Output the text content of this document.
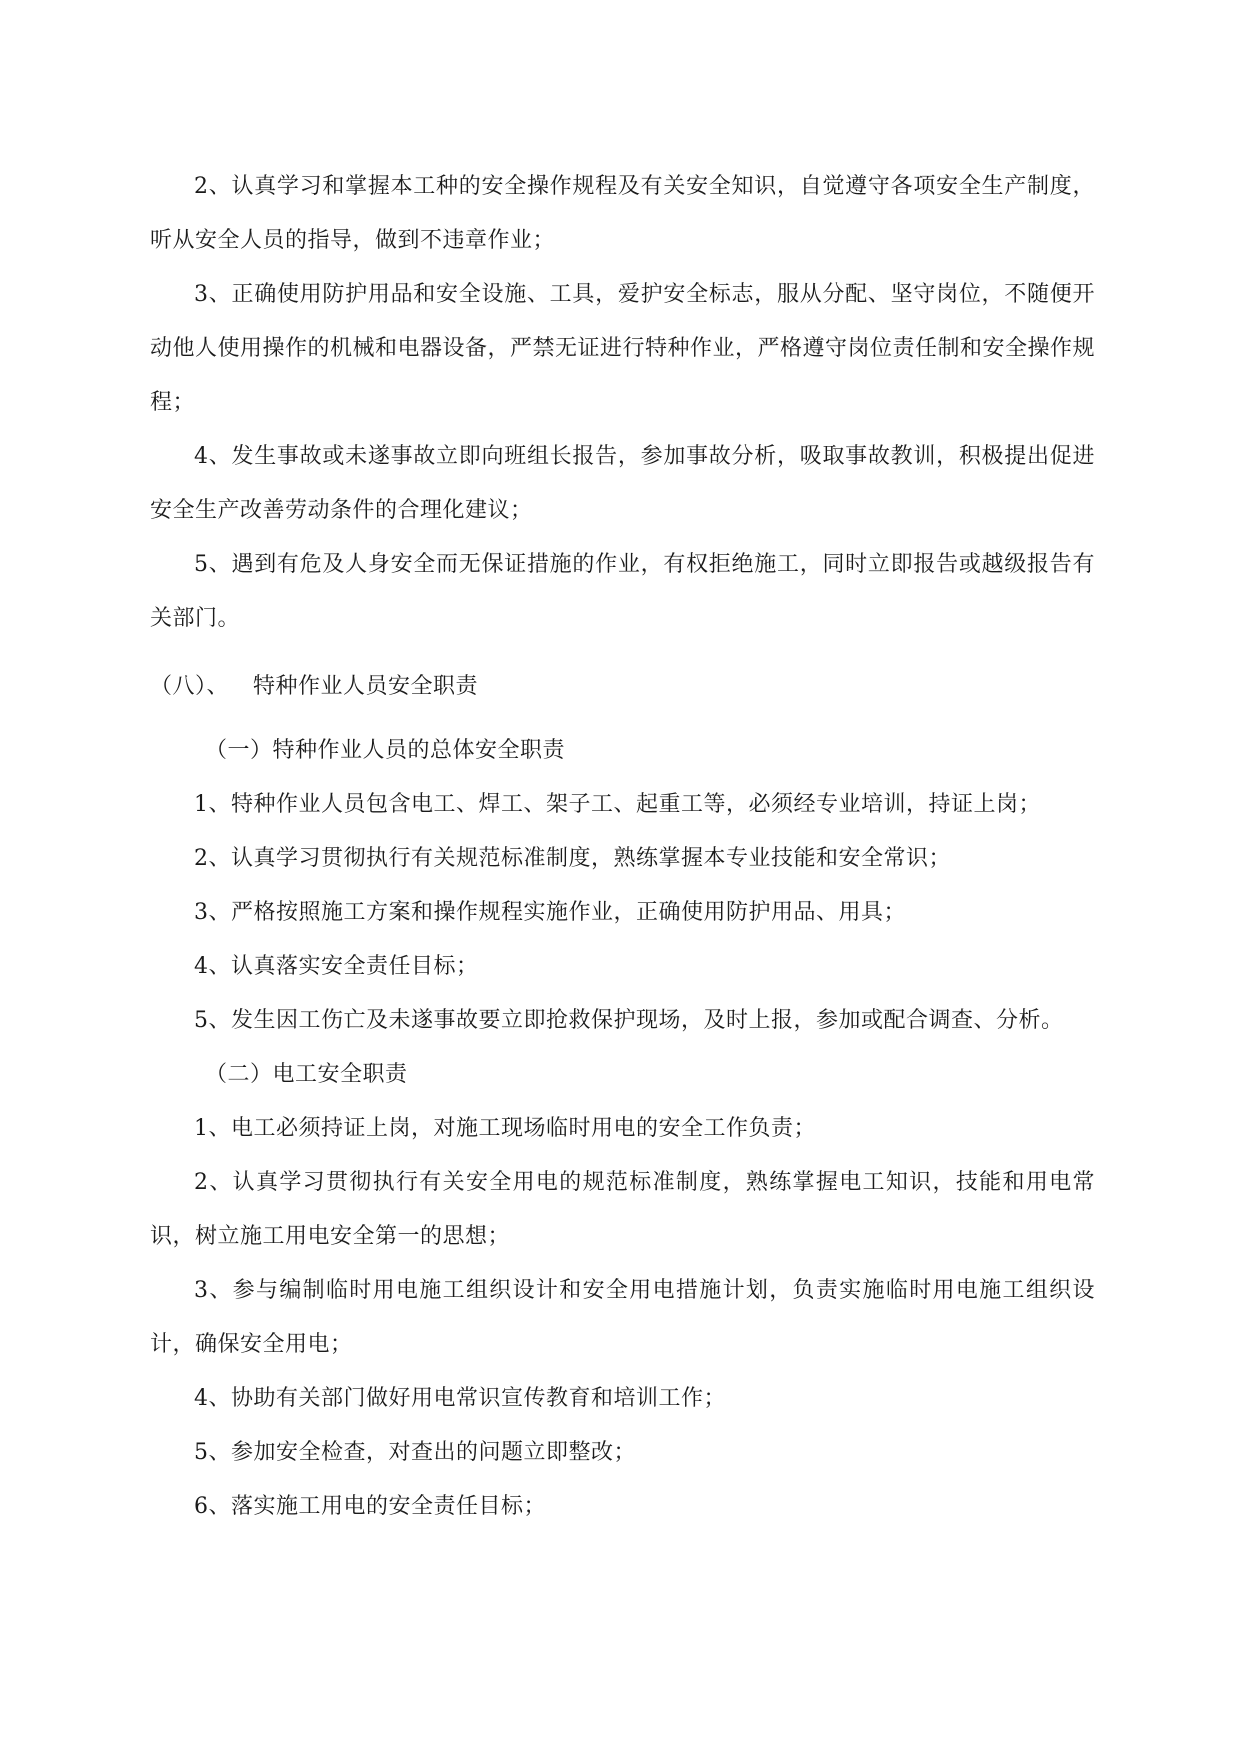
2、认真学习和掌握本工种的安全操作规程及有关安全知识，自觉遵守各项安全生产制度，听从安全人员的指导，做到不违章作业；

3、正确使用防护用品和安全设施、工具，爱护安全标志，服从分配、坚守岗位，不随便开动他人使用操作的机械和电器设备，严禁无证进行特种作业，严格遵守岗位责任制和安全操作规程；

4、发生事故或未遂事故立即向班组长报告，参加事故分析，吸取事故教训，积极提出促进安全生产改善劳动条件的合理化建议；

5、遇到有危及人身安全而无保证措施的作业，有权拒绝施工，同时立即报告或越级报告有关部门。

（八）、 特种作业人员安全职责

（一）特种作业人员的总体安全职责

1、特种作业人员包含电工、焊工、架子工、起重工等，必须经专业培训，持证上岗；

2、认真学习贯彻执行有关规范标准制度，熟练掌握本专业技能和安全常识；

3、严格按照施工方案和操作规程实施作业，正确使用防护用品、用具；

4、认真落实安全责任目标；

5、发生因工伤亡及未遂事故要立即抢救保护现场，及时上报，参加或配合调查、分析。

（二）电工安全职责

1、电工必须持证上岗，对施工现场临时用电的安全工作负责；

2、认真学习贯彻执行有关安全用电的规范标准制度，熟练掌握电工知识，技能和用电常识，树立施工用电安全第一的思想；

3、参与编制临时用电施工组织设计和安全用电措施计划，负责实施临时用电施工组织设计，确保安全用电；

4、协助有关部门做好用电常识宣传教育和培训工作；

5、参加安全检查，对查出的问题立即整改；

6、落实施工用电的安全责任目标；
